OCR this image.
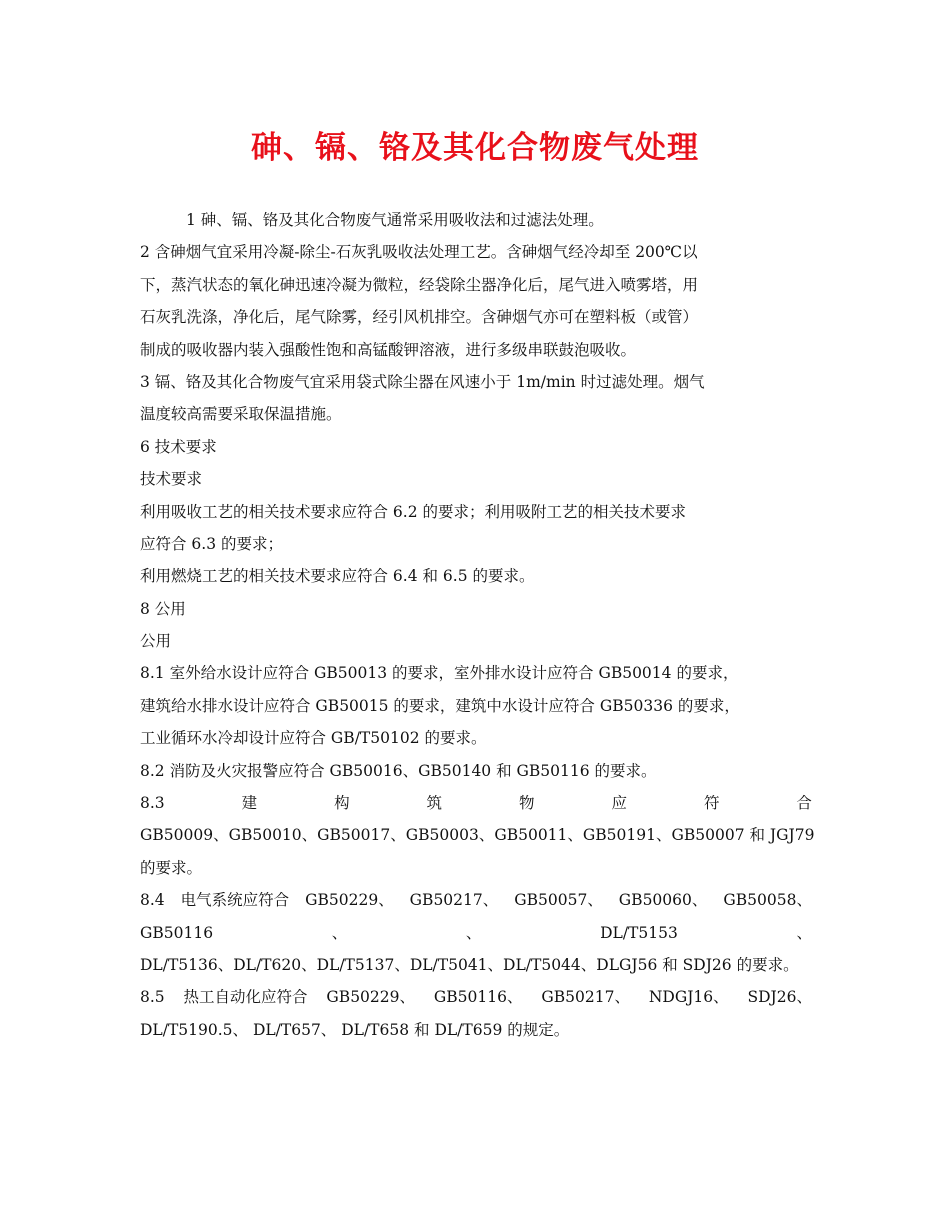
砷、镉、铬及其化合物废气处理
1 砷、镉、铬及其化合物废气通常采用吸收法和过滤法处理。
2 含砷烟气宜采用冷凝-除尘-石灰乳吸收法处理工艺。含砷烟气经冷却至 200℃以
下，蒸汽状态的氧化砷迅速冷凝为微粒，经袋除尘器净化后，尾气进入喷雾塔，用
石灰乳洗涤，净化后，尾气除雾，经引风机排空。含砷烟气亦可在塑料板（或管）
制成的吸收器内装入强酸性饱和高锰酸钾溶液，进行多级串联鼓泡吸收。
3 镉、铬及其化合物废气宜采用袋式除尘器在风速小于 1m/min 时过滤处理。烟气
温度较高需要采取保温措施。
6 技术要求
技术要求
利用吸收工艺的相关技术要求应符合 6.2 的要求；利用吸附工艺的相关技术要求
应符合 6.3 的要求；
利用燃烧工艺的相关技术要求应符合 6.4 和 6.5 的要求。
8 公用
公用
8.1 室外给水设计应符合 GB50013 的要求，室外排水设计应符合 GB50014 的要求，
建筑给水排水设计应符合 GB50015 的要求，建筑中水设计应符合 GB50336 的要求，
工业循环水冷却设计应符合 GB/T50102 的要求。
8.2 消防及火灾报警应符合 GB50016、GB50140 和 GB50116 的要求。
8.3	建	构	筑	物	应	符	合
GB50009、GB50010、GB50017、GB50003、GB50011、GB50191、GB50007 和 JGJ79
的要求。
8.4 电气系统应符合 GB50229、 GB50217、 GB50057、 GB50060、 GB50058、
GB50116	、	、	DL/T5153	、
DL/T5136、DL/T620、DL/T5137、DL/T5041、DL/T5044、DLGJ56 和 SDJ26 的要求。
8.5 热工自动化应符合 GB50229、 GB50116、 GB50217、 NDGJ16、 SDJ26、
DL/T5190.5、 DL/T657、 DL/T658 和 DL/T659 的规定。
